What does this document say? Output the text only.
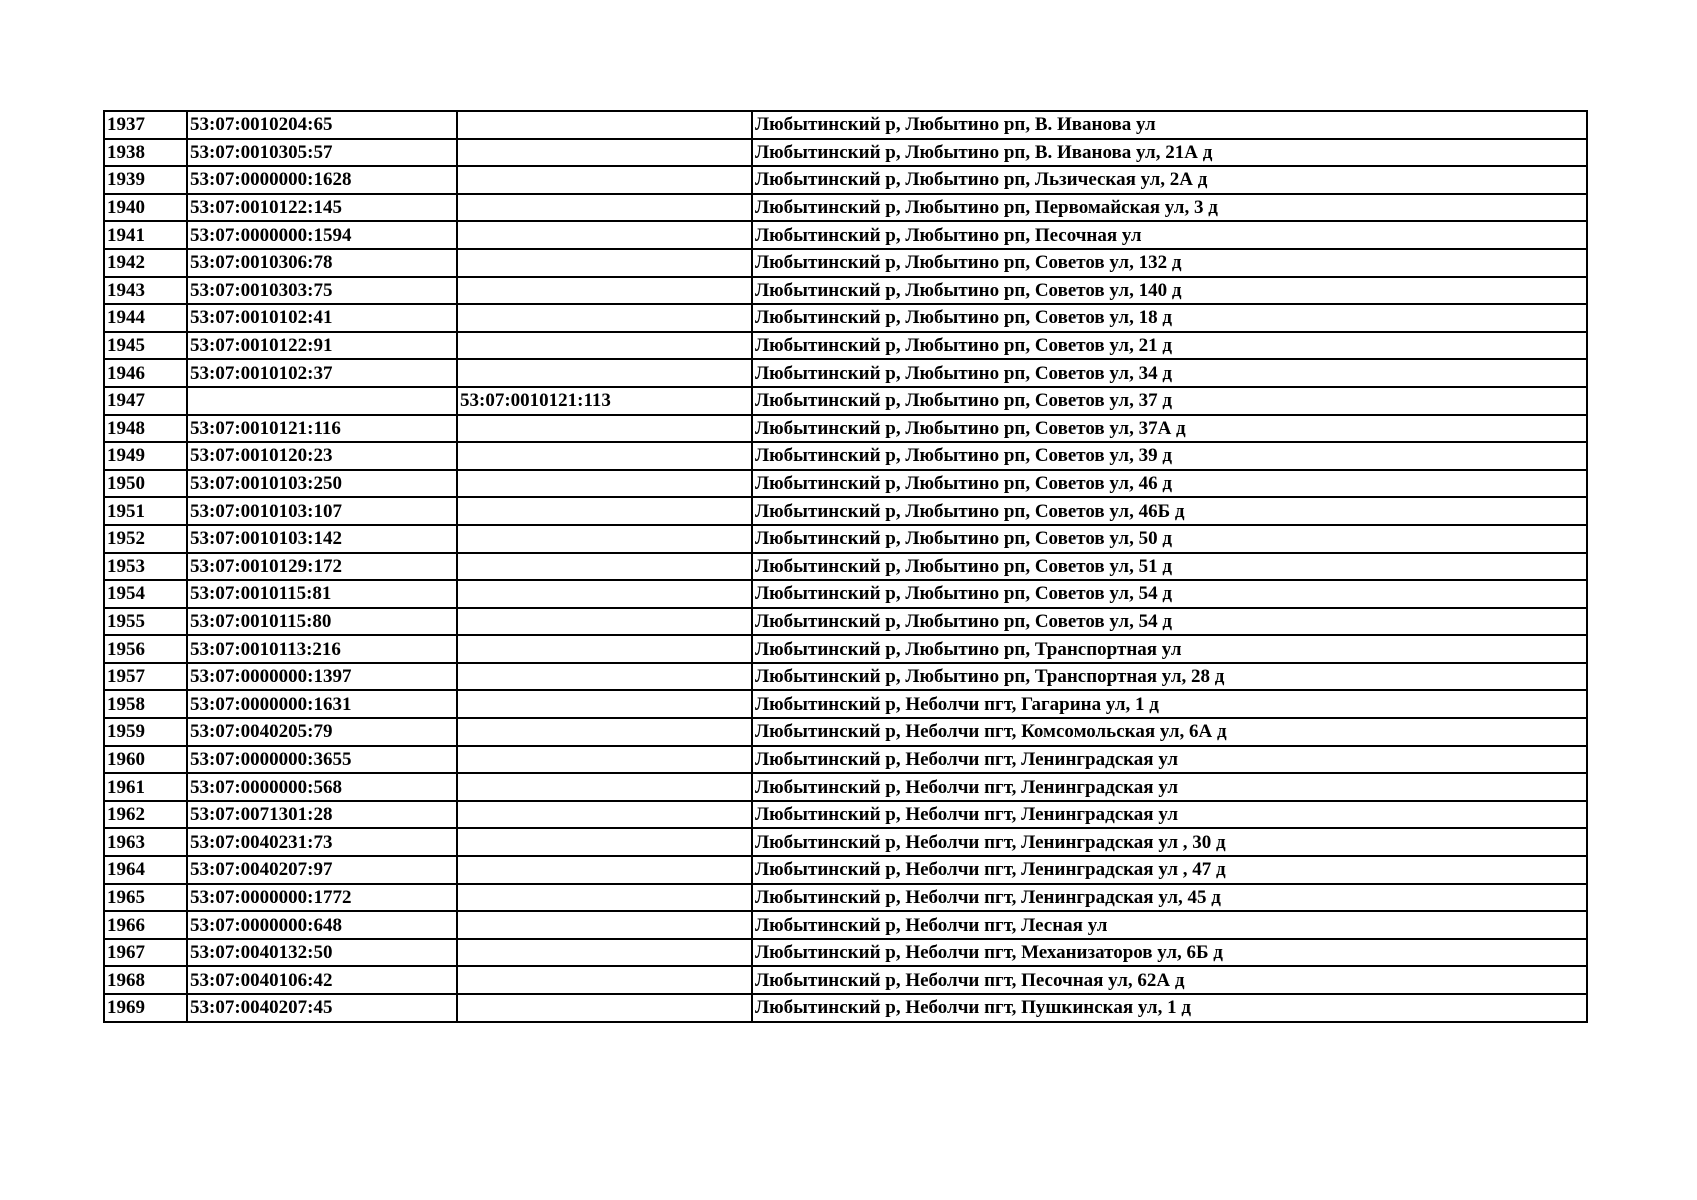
1937	53:07:0010204:65		Любытинский р, Любытино рп, В. Иванова ул
1938	53:07:0010305:57		Любытинский р, Любытино рп, В. Иванова ул, 21А д
1939	53:07:0000000:1628		Любытинский р, Любытино рп, Льзическая ул, 2А д
1940	53:07:0010122:145		Любытинский р, Любытино рп, Первомайская ул, 3 д
1941	53:07:0000000:1594		Любытинский р, Любытино рп, Песочная ул
1942	53:07:0010306:78		Любытинский р, Любытино рп, Советов ул, 132 д
1943	53:07:0010303:75		Любытинский р, Любытино рп, Советов ул, 140 д
1944	53:07:0010102:41		Любытинский р, Любытино рп, Советов ул, 18 д
1945	53:07:0010122:91		Любытинский р, Любытино рп, Советов ул, 21 д
1946	53:07:0010102:37		Любытинский р, Любытино рп, Советов ул, 34 д
1947		53:07:0010121:113	Любытинский р, Любытино рп, Советов ул, 37 д
1948	53:07:0010121:116		Любытинский р, Любытино рп, Советов ул, 37А д
1949	53:07:0010120:23		Любытинский р, Любытино рп, Советов ул, 39 д
1950	53:07:0010103:250		Любытинский р, Любытино рп, Советов ул, 46 д
1951	53:07:0010103:107		Любытинский р, Любытино рп, Советов ул, 46Б д
1952	53:07:0010103:142		Любытинский р, Любытино рп, Советов ул, 50 д
1953	53:07:0010129:172		Любытинский р, Любытино рп, Советов ул, 51 д
1954	53:07:0010115:81		Любытинский р, Любытино рп, Советов ул, 54 д
1955	53:07:0010115:80		Любытинский р, Любытино рп, Советов ул, 54 д
1956	53:07:0010113:216		Любытинский р, Любытино рп, Транспортная ул
1957	53:07:0000000:1397		Любытинский р, Любытино рп, Транспортная ул, 28 д
1958	53:07:0000000:1631		Любытинский р, Неболчи пгт, Гагарина ул, 1 д
1959	53:07:0040205:79		Любытинский р, Неболчи пгт, Комсомольская ул, 6А д
1960	53:07:0000000:3655		Любытинский р, Неболчи пгт, Ленинградская ул
1961	53:07:0000000:568		Любытинский р, Неболчи пгт, Ленинградская ул
1962	53:07:0071301:28		Любытинский р, Неболчи пгт, Ленинградская ул
1963	53:07:0040231:73		Любытинский р, Неболчи пгт, Ленинградская ул , 30 д
1964	53:07:0040207:97		Любытинский р, Неболчи пгт, Ленинградская ул , 47 д
1965	53:07:0000000:1772		Любытинский р, Неболчи пгт, Ленинградская ул, 45 д
1966	53:07:0000000:648		Любытинский р, Неболчи пгт, Лесная ул
1967	53:07:0040132:50		Любытинский р, Неболчи пгт, Механизаторов ул, 6Б д
1968	53:07:0040106:42		Любытинский р, Неболчи пгт, Песочная ул, 62А д
1969	53:07:0040207:45		Любытинский р, Неболчи пгт, Пушкинская ул, 1 д
